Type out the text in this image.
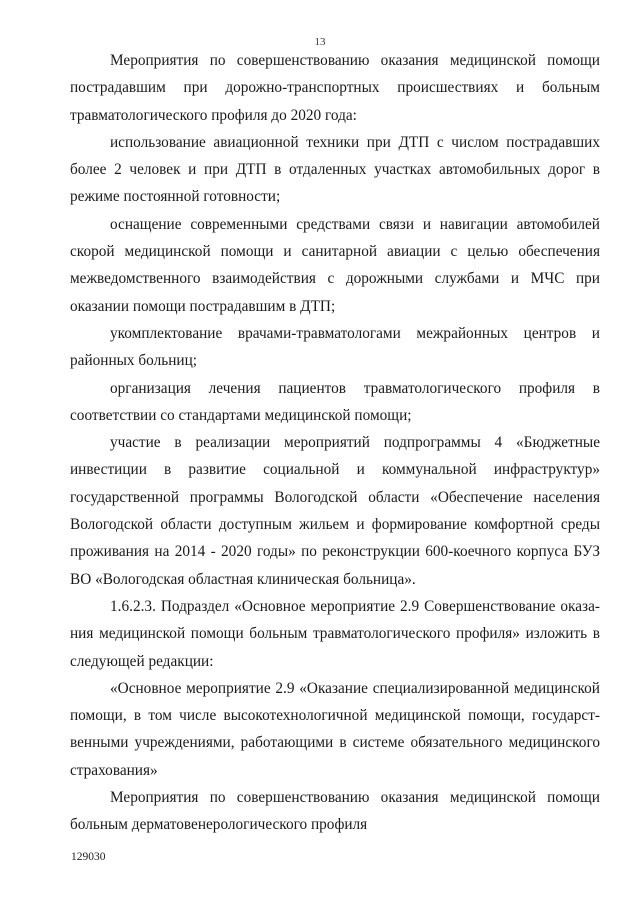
13

Мероприятия по совершенствованию оказания медицинской помощи пострадавшим при дорожно-транспортных происшествиях и больным травматологического профиля до 2020 года:

использование авиационной техники при ДТП с числом пострадавших более 2 человек и при ДТП в отдаленных участках автомобильных дорог в режиме постоянной готовности;

оснащение современными средствами связи и навигации автомобилей скорой медицинской помощи и санитарной авиации с целью обеспечения межведомственного взаимодействия с дорожными службами и МЧС при оказании помощи пострадавшим в ДТП;

укомплектование врачами-травматологами межрайонных центров и районных больниц;

организация лечения пациентов травматологического профиля в соответствии со стандартами медицинской помощи;

участие в реализации мероприятий подпрограммы 4 «Бюджетные инвестиции в развитие социальной и коммунальной инфраструктур» государственной программы Вологодской области «Обеспечение населения Вологодской области доступным жильем и формирование комфортной среды проживания на 2014 - 2020 годы» по реконструкции 600-коечного корпуса БУЗ ВО «Вологодская областная клиническая больница».

1.6.2.3. Подраздел «Основное мероприятие 2.9 Совершенствование оказания медицинской помощи больным травматологического профиля» изложить в следующей редакции:

«Основное мероприятие 2.9 «Оказание специализированной медицинской помощи, в том числе высокотехнологичной медицинской помощи, государственными учреждениями, работающими в системе обязательного медицинского страхования»

Мероприятия по совершенствованию оказания медицинской помощи больным дерматовенерологического профиля

129030
